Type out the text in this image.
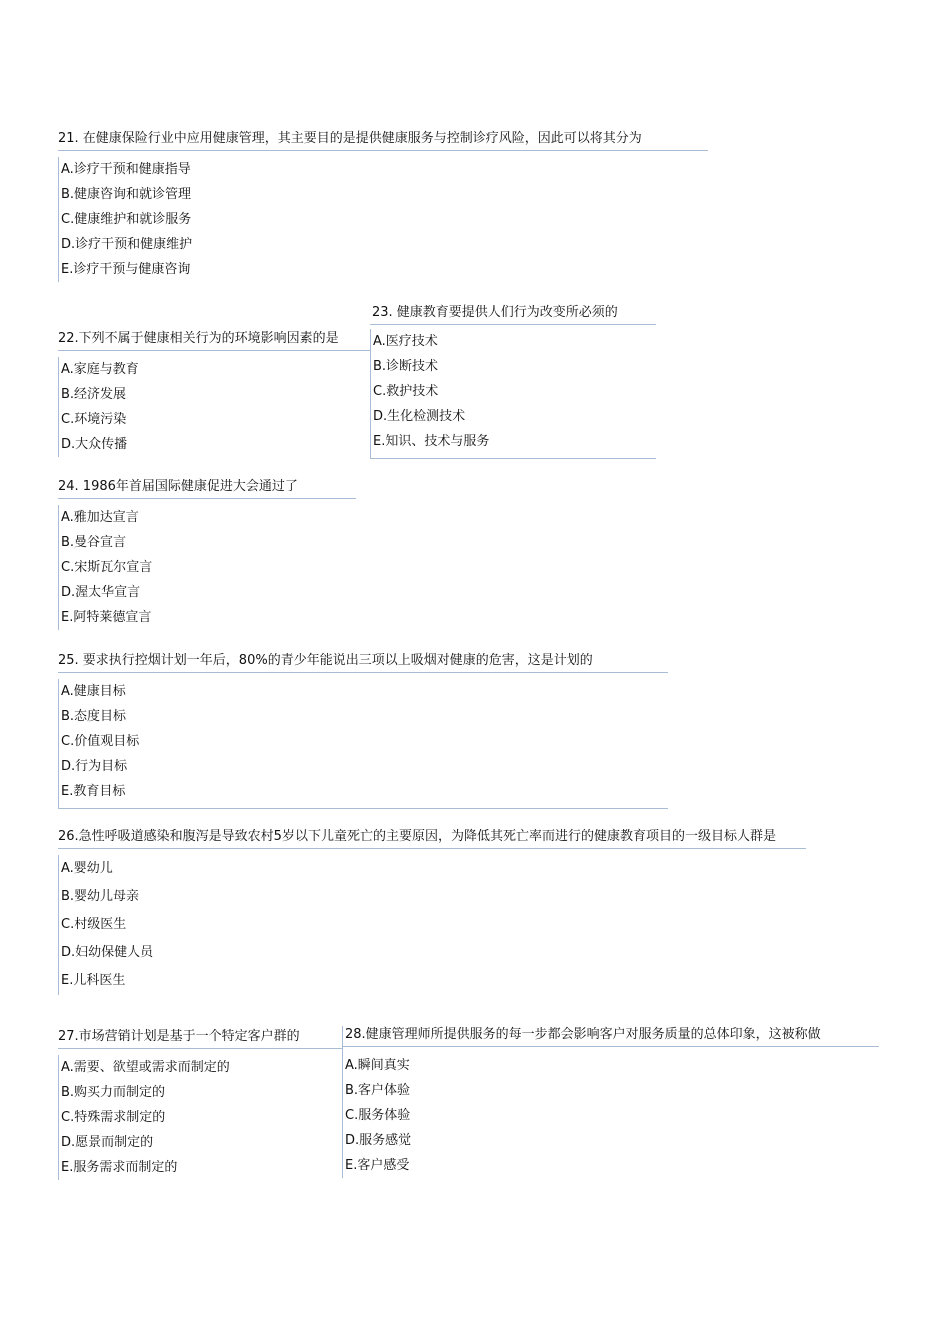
21. 在健康保险行业中应用健康管理，其主要目的是提供健康服务与控制诊疗风险，因此可以将其分为
A.诊疗干预和健康指导
B.健康咨询和就诊管理
C.健康维护和就诊服务
D.诊疗干预和健康维护
E.诊疗干预与健康咨询
22.下列不属于健康相关行为的环境影响因素的是
A.家庭与教育
B.经济发展
C.环境污染
D.大众传播
23. 健康教育要提供人们行为改变所必须的
A.医疗技术
B.诊断技术
C.救护技术
D.生化检测技术
E.知识、技术与服务
24. 1986年首届国际健康促进大会通过了
A.雅加达宣言
B.曼谷宣言
C.宋斯瓦尔宣言
D.渥太华宣言
E.阿特莱德宣言
25. 要求执行控烟计划一年后，80%的青少年能说出三项以上吸烟对健康的危害，这是计划的
A.健康目标
B.态度目标
C.价值观目标
D.行为目标
E.教育目标
26.急性呼吸道感染和腹泻是导致农村5岁以下儿童死亡的主要原因，为降低其死亡率而进行的健康教育项目的一级目标人群是
A.婴幼儿
B.婴幼儿母亲
C.村级医生
D.妇幼保健人员
E.儿科医生
27.市场营销计划是基于一个特定客户群的
A.需要、欲望或需求而制定的
B.购买力而制定的
C.特殊需求制定的
D.愿景而制定的
E.服务需求而制定的
28.健康管理师所提供服务的每一步都会影响客户对服务质量的总体印象，这被称做
A.瞬间真实
B.客户体验
C.服务体验
D.服务感觉
E.客户感受
